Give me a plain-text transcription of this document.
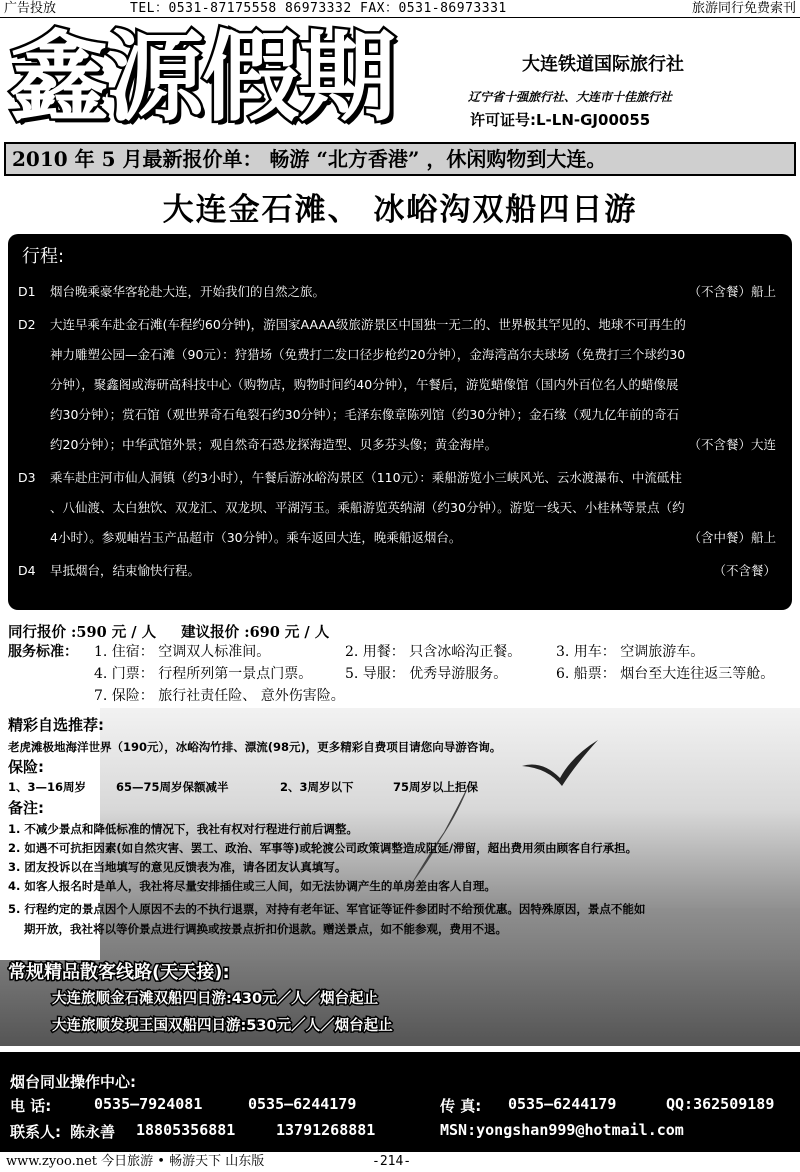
广告投放	TEL：0531-87175558 86973332 FAX：0531-86973331	旅游同行免费索刊
鑫源假期	大连铁道国际旅行社
辽宁省十强旅行社、大连市十佳旅行社
许可证号:L-LN-GJ00055
2010 年 5 月最新报价单： 畅游 “北方香港” ，休闲购物到大连。
大连金石滩、 冰峪沟双船四日游
行程:
D1	烟台晚乘豪华客轮赴大连，开始我们的自然之旅。	（不含餐）船上
D2	大连早乘车赴金石滩(车程约60分钟)，游国家AAAA级旅游景区中国独一无二的、世界极其罕见的、地球不可再生的
神力雕塑公园—金石滩（90元）：狩猎场（免费打二发口径步枪约20分钟），金海湾高尔夫球场（免费打三个球约30
分钟），聚鑫阁或海研高科技中心（购物店，购物时间约40分钟），午餐后，游览蜡像馆（国内外百位名人的蜡像展
约30分钟）；赏石馆（观世界奇石龟裂石约30分钟）；毛泽东像章陈列馆（约30分钟）；金石缘（观九亿年前的奇石
约20分钟）；中华武馆外景；观自然奇石恐龙探海造型、贝多芬头像；黄金海岸。	（不含餐）大连
D3	乘车赴庄河市仙人洞镇（约3小时），午餐后游冰峪沟景区（110元）：乘船游览小三峡风光、云水渡瀑布、中流砥柱
、八仙渡、太白独饮、双龙汇、双龙坝、平湖泻玉。乘船游览英纳湖（约30分钟）。游览一线天、小桂林等景点（约
4小时）。参观岫岩玉产品超市（30分钟）。乘车返回大连，晚乘船返烟台。	（含中餐）船上
D4	早抵烟台，结束愉快行程。	（不含餐）
同行报价 :590 元 / 人 建议报价 :690 元 / 人
服务标准： 1. 住宿： 空调双人标准间。	2. 用餐： 只含冰峪沟正餐。 3. 用车： 空调旅游车。
4. 门票： 行程所列第一景点门票。 5. 导服： 优秀导游服务。	6. 船票： 烟台至大连往返三等舱。
7. 保险： 旅行社责任险、 意外伤害险。
精彩自选推荐:
老虎滩极地海洋世界（190元），冰峪沟竹排、漂流(98元)，更多精彩自费项目请您向导游咨询。
保险:
1、3—16周岁	65—75周岁保额减半	2、3周岁以下	75周岁以上拒保
备注:
1. 不减少景点和降低标准的情况下，我社有权对行程进行前后调整。
2. 如遇不可抗拒因素(如自然灾害、罢工、政治、军事等)或轮渡公司政策调整造成阻延/滞留，超出费用须由顾客自行承担。
3. 团友投诉以在当地填写的意见反馈表为准，请各团友认真填写。
4. 如客人报名时是单人，我社将尽量安排插住或三人间，如无法协调产生的单房差由客人自理。
5. 行程约定的景点因个人原因不去的不执行退票，对持有老年证、军官证等证件参团时不给预优惠。因特殊原因，景点不能如
期开放，我社将以等价景点进行调换或按景点折扣价退款。赠送景点，如不能参观，费用不退。
常规精品散客线路(天天接):
大连旅顺金石滩双船四日游:430元／人／烟台起止
大连旅顺发现王国双船四日游:530元／人／烟台起止
烟台同业操作中心:
电 话:	0535—7924081	0535—6244179	传 真: 0535—6244179	QQ:362509189
联系人: 陈永善 18805356881	13791268881	MSN:yongshan999@hotmail.com
www.zyoo.net 今日旅游 • 畅游天下 山东版	-214-
